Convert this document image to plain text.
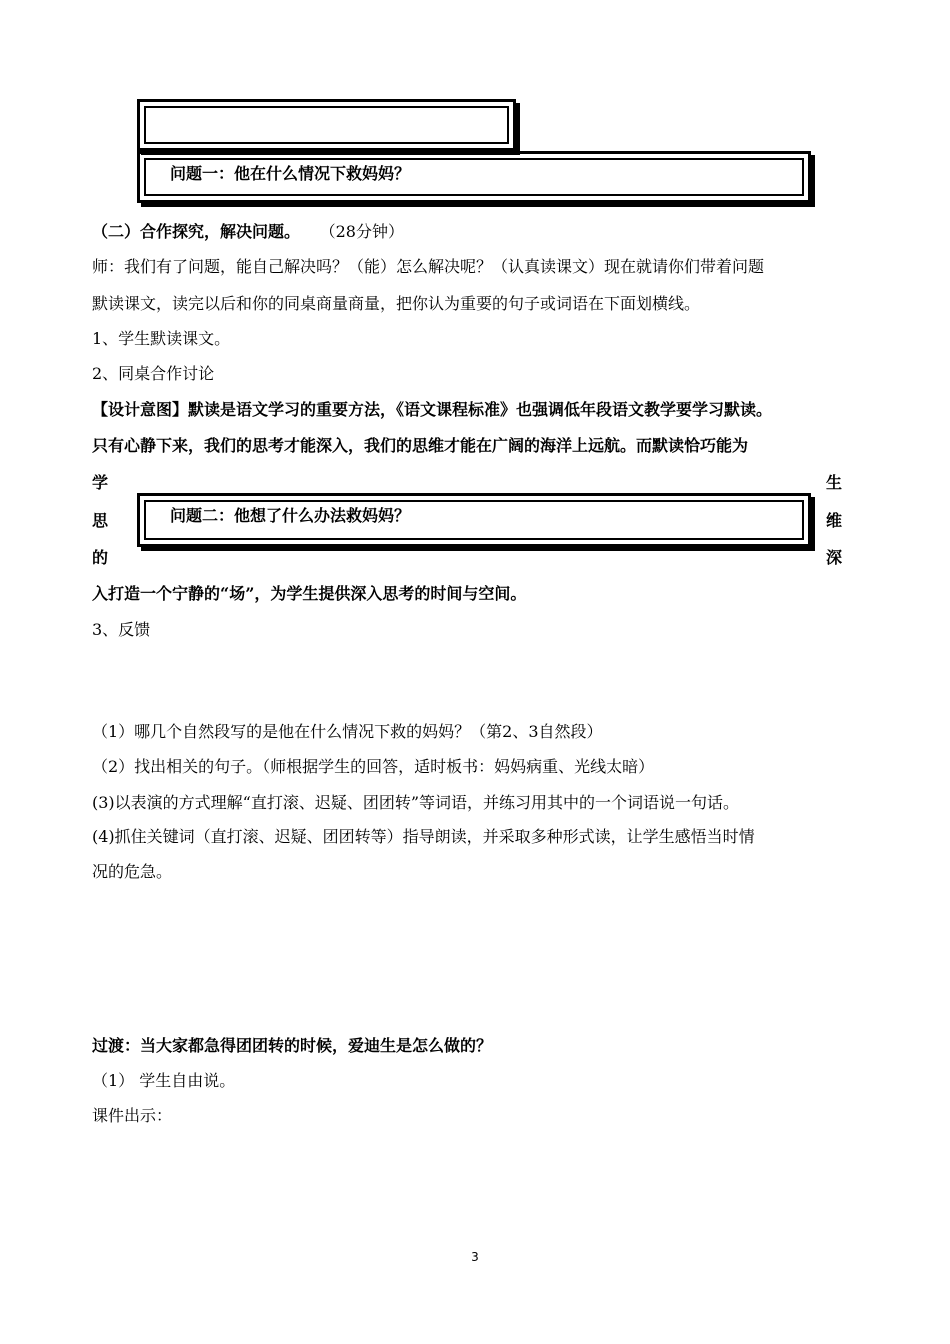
问题一：他在什么情况下救妈妈？
（二）合作探究，解决问题。 （28分钟）
师：我们有了问题，能自己解决吗？（能）怎么解决呢？（认真读课文）现在就请你们带着问题
默读课文，读完以后和你的同桌商量商量，把你认为重要的句子或词语在下面划横线。
1、学生默读课文。
2、同桌合作讨论
【设计意图】默读是语文学习的重要方法，《语文课程标准》也强调低年段语文教学要学习默读。
只有心静下来，我们的思考才能深入，我们的思维才能在广阔的海洋上远航。而默读恰巧能为
学
思
的
生
维
深
问题二：他想了什么办法救妈妈？
入打造一个宁静的“场”，为学生提供深入思考的时间与空间。
3、反馈
（1）哪几个自然段写的是他在什么情况下救的妈妈？（第2、3自然段）
（2）找出相关的句子。（师根据学生的回答，适时板书：妈妈病重、光线太暗）
(3)以表演的方式理解“直打滚、迟疑、团团转”等词语，并练习用其中的一个词语说一句话。
(4)抓住关键词（直打滚、迟疑、团团转等）指导朗读，并采取多种形式读，让学生感悟当时情
况的危急。
过渡：当大家都急得团团转的时候，爱迪生是怎么做的？
（1） 学生自由说。
课件出示：
3
